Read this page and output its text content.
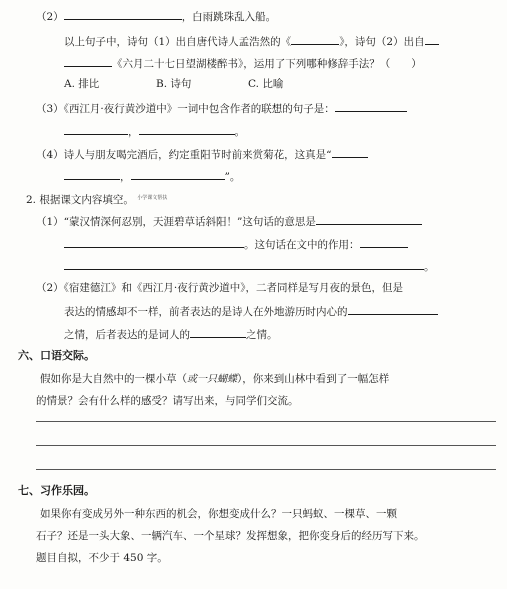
（2）	，白雨跳珠乱入船。
以上句子中，诗句（1）出自唐代诗人孟浩然的《	》，诗句（2）出自
《六月二十七日望湖楼醉书》，运用了下列哪种修辞手法？（　　）
A. 排比	B. 诗句	C. 比喻
（3）《西江月·夜行黄沙道中》一词中包含作者的联想的句子是：
，	。
（4）诗人与朋友喝完酒后，约定重阳节时前来赏菊花，这真是“
，	”。
2. 根据课文内容填空。 $^{小学课文帮扶}$
（1）“蒙汉情深何忍别，天涯碧草话斜阳！”这句话的意思是
。这句话在文中的作用：
。
（2）《宿建德江》和《西江月·夜行黄沙道中》，二者同样是写月夜的景色，但是
表达的情感却不一样，前者表达的是诗人在外地游历时内心的
之情，后者表达的是词人的	之情。
六、口语交际。
假如你是大自然中的一棵小草（或一只蝴蝶），你来到山林中看到了一幅怎样
的情景？会有什么样的感受？请写出来，与同学们交流。
七、习作乐园。
如果你有变成另外一种东西的机会，你想变成什么？一只蚂蚁、一棵草、一颗
石子？还是一头大象、一辆汽车、一个星球？发挥想象，把你变身后的经历写下来。
题目自拟，不少于 450 字。
